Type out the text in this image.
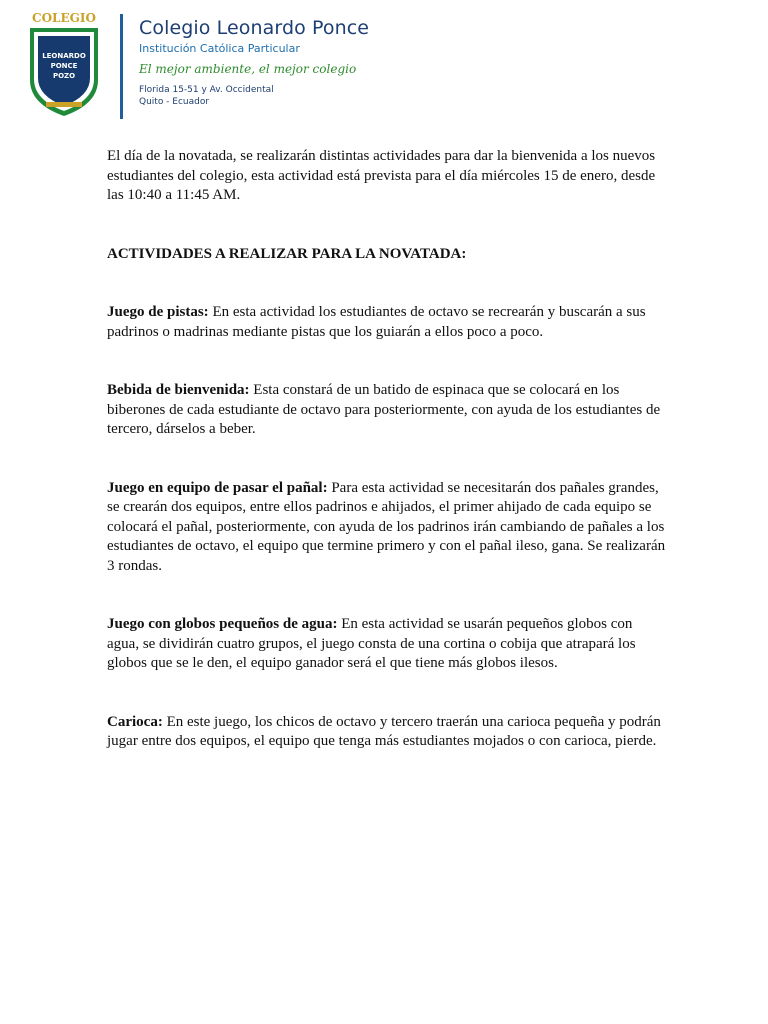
COLEGIO
LEONARDO
PONCE
POZO
Colegio Leonardo Ponce
Institución Católica Particular
El mejor ambiente, el mejor colegio
Florida 15-51 y Av. Occidental
Quito - Ecuador

El día de la novatada, se realizarán distintas actividades para dar la bienvenida a los nuevos estudiantes del colegio, esta actividad está prevista para el día miércoles 15 de enero, desde las 10:40 a 11:45 AM.

ACTIVIDADES A REALIZAR PARA LA NOVATADA:

Juego de pistas: En esta actividad los estudiantes de octavo se recrearán y buscarán a sus padrinos o madrinas mediante pistas que los guiarán a ellos poco a poco.

Bebida de bienvenida: Esta constará de un batido de espinaca que se colocará en los biberones de cada estudiante de octavo para posteriormente, con ayuda de los estudiantes de tercero, dárselos a beber.

Juego en equipo de pasar el pañal: Para esta actividad se necesitarán dos pañales grandes, se crearán dos equipos, entre ellos padrinos e ahijados, el primer ahijado de cada equipo se colocará el pañal, posteriormente, con ayuda de los padrinos irán cambiando de pañales a los estudiantes de octavo, el equipo que termine primero y con el pañal ileso, gana. Se realizarán 3 rondas.

Juego con globos pequeños de agua: En esta actividad se usarán pequeños globos con agua, se dividirán cuatro grupos, el juego consta de una cortina o cobija que atrapará los globos que se le den, el equipo ganador será el que tiene más globos ilesos.

Carioca: En este juego, los chicos de octavo y tercero traerán una carioca pequeña y podrán jugar entre dos equipos, el equipo que tenga más estudiantes mojados o con carioca, pierde.
